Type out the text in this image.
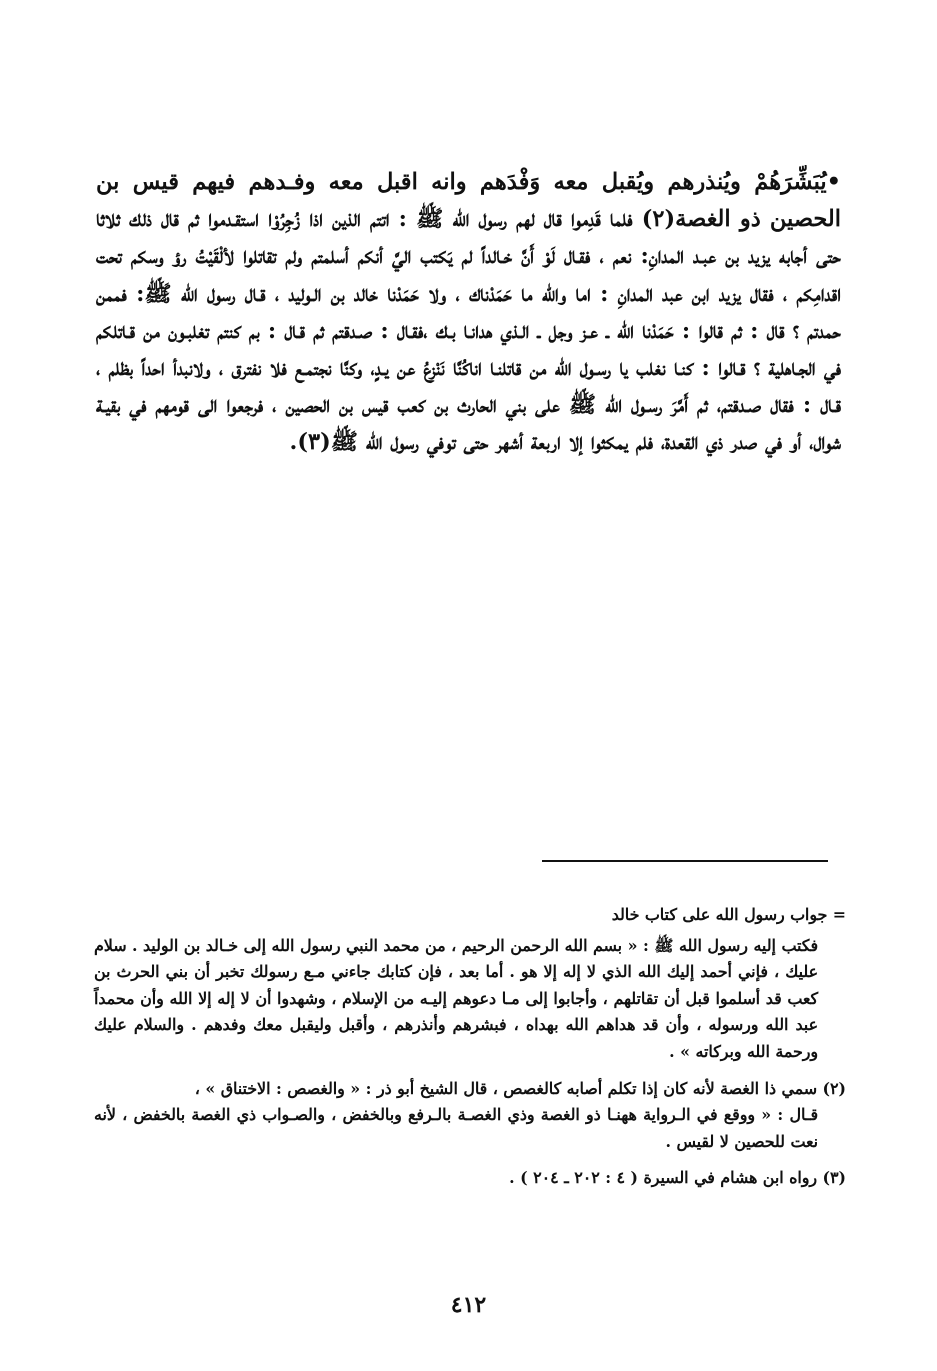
•يُبَشِّرَهُمْ ويُنذرهم ويُقبل معه وَفْدَهم وانه اقبل معه وفـدهم فيهم قيس بن الحصين ذو الغصة(٢) فلما قَدِموا قال لهم رسول الله ﷺ : اتتم الذين اذا زُجِرُوْا استقـدموا ثم قال ذلك ثلاثا حتى أجابه يزيد بن عبـد المدانِ: نعم ، فقـال لَوْ أَنَّ خـالداً لم يَكتب اليَّ أنكم أسلمتم ولم تقاتلوا لألْقَيْتُ رؤ وسكم تحت اقدامِكم ، فقال يزيد ابن عبد المدانِ : اما والله ما حَمَدْناك ، ولا حَمَدْنا خالد بن الـوليد ، قـال رسول الله ﷺ: فممن حمدتم ؟ قال : ثم قالوا : حَمَدْنا الله ـ عـز وجل ـ الـذي هدانـا بـك ،فقـال : صـدقتم ثم قـال : بم كنتم تغلبـون من قـاتلكم في الجـاهلية ؟ قـالوا : كنـا نغلب يا رسـول الله من قاتلنـا اناكُنَّا نَنْزعُ عن يـدٍ، وكنَّا نجتمـع فلا نفترق ، ولانبدأ احداً بظلم ، قـال : فقال صـدقتم، ثم أَمَّرَ رسـول الله ﷺ على بني الحارث بن كعب قيس بن الحصين ، فرجعوا الى قومهم في بقيـة شوال، أو في صدر ذي القعدة، فلم يمكثوا إلا اربعة أشهر حتى توفي رسول الله ﷺ(٣).

= جواب رسول الله على كتاب خالد

فكتب إليه رسول الله ﷺ : « بسم الله الرحمن الرحيم ، من محمد النبي رسول الله إلى خـالد بن الوليد . سلام عليك ، فإني أحمد إليك الله الذي لا إله إلا هو . أما بعد ، فإن كتابك جاءني مـع رسولك تخبر أن بني الحرث بن كعب قد أسلموا قبل أن تقاتلهم ، وأجابوا إلى مـا دعوهم إليـه من الإسلام ، وشهدوا أن لا إله إلا الله وأن محمداً عبد الله ورسوله ، وأن قد هداهم الله بهداه ، فبشرهم وأنذرهم ، وأقبل وليقبل معك وفدهم . والسلام عليك ورحمة الله وبركاته » .

(٢) سمي ذا الغصة لأنه كان إذا تكلم أصابه كالغصص ، قال الشيخ أبو ذر : « والغصص : الاختناق » ،
قـال : « ووقع في الـرواية ههنـا ذو الغصة وذي الغصـة بالـرفع وبالخفض ، والصـواب ذي الغصة بالخفض ، لأنه نعت للحصين لا لقيس .

(٣) رواه ابن هشام في السيرة ( ٤ : ٢٠٢ ـ ٢٠٤ ) .

٤١٢
